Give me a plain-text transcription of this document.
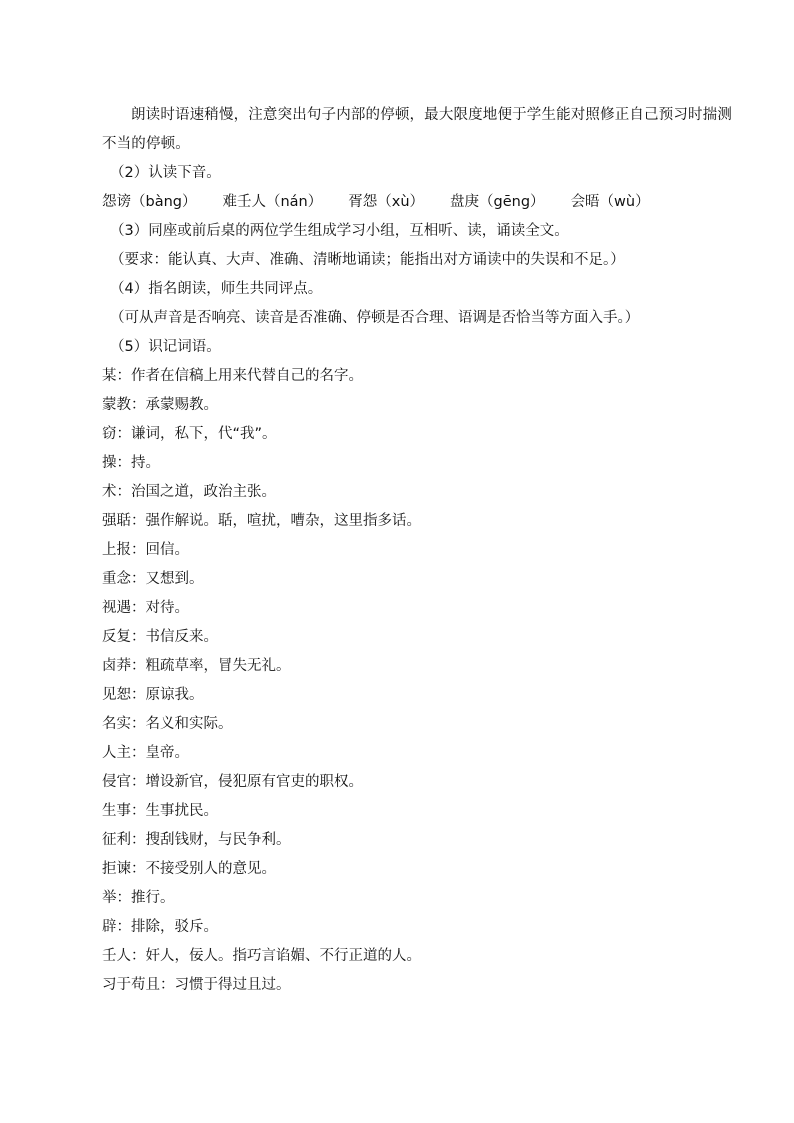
朗读时语速稍慢，注意突出句子内部的停顿，最大限度地便于学生能对照修正自己预习时揣测不当的停顿。

（2）认读下音。

怨谤（bàng） 难壬人（nán） 胥怨（xù） 盘庚（gēng） 会晤（wù）

（3）同座或前后桌的两位学生组成学习小组，互相听、读，诵读全文。

（要求：能认真、大声、准确、清晰地诵读；能指出对方诵读中的失误和不足。）

（4）指名朗读，师生共同评点。

（可从声音是否响亮、读音是否准确、停顿是否合理、语调是否恰当等方面入手。）

（5）识记词语。

某：作者在信稿上用来代替自己的名字。

蒙教：承蒙赐教。

窃：谦词，私下，代“我”。

操：持。

术：治国之道，政治主张。

强聒：强作解说。聒，喧扰，嘈杂，这里指多话。

上报：回信。

重念：又想到。

视遇：对待。

反复：书信反来。

卤莽：粗疏草率，冒失无礼。

见恕：原谅我。

名实：名义和实际。

人主：皇帝。

侵官：增设新官，侵犯原有官吏的职权。

生事：生事扰民。

征利：搜刮钱财，与民争利。

拒谏：不接受别人的意见。

举：推行。

辟：排除，驳斥。

壬人：奸人，佞人。指巧言谄媚、不行正道的人。

习于苟且：习惯于得过且过。
